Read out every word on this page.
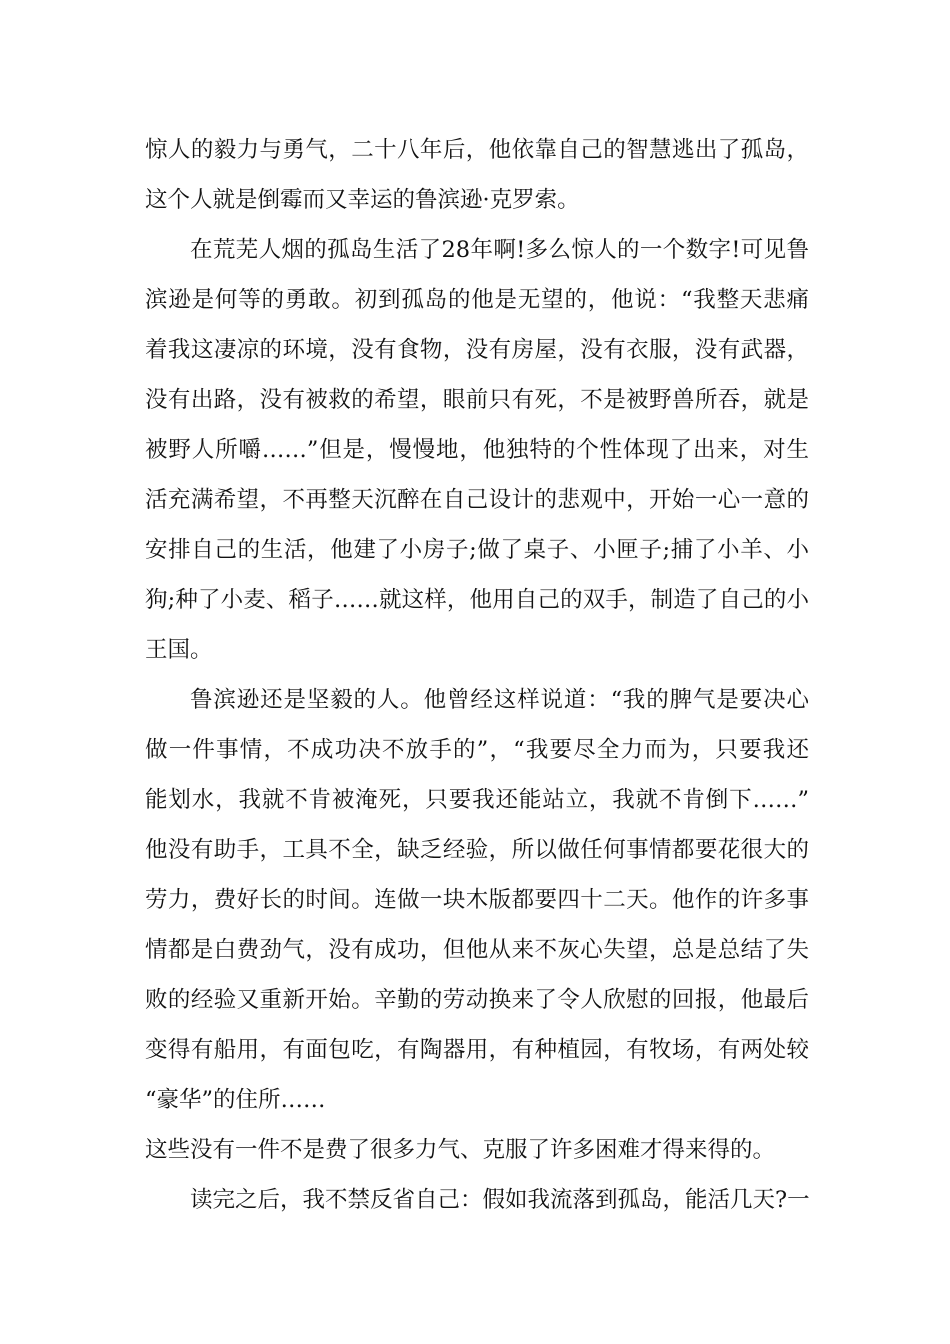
惊人的毅力与勇气，二十八年后，他依靠自己的智慧逃出了孤岛，
这个人就是倒霉而又幸运的鲁滨逊·克罗索。
在荒芜人烟的孤岛生活了28年啊!多么惊人的一个数字!可见鲁
滨逊是何等的勇敢。初到孤岛的他是无望的，他说：“我整天悲痛
着我这凄凉的环境，没有食物，没有房屋，没有衣服，没有武器，
没有出路，没有被救的希望，眼前只有死，不是被野兽所吞，就是
被野人所嚼……”但是，慢慢地，他独特的个性体现了出来，对生
活充满希望，不再整天沉醉在自己设计的悲观中，开始一心一意的
安排自己的生活，他建了小房子;做了桌子、小匣子;捕了小羊、小
狗;种了小麦、稻子……就这样，他用自己的双手，制造了自己的小
王国。
鲁滨逊还是坚毅的人。他曾经这样说道：“我的脾气是要决心
做一件事情，不成功决不放手的”，“我要尽全力而为，只要我还
能划水，我就不肯被淹死，只要我还能站立，我就不肯倒下……”
他没有助手，工具不全，缺乏经验，所以做任何事情都要花很大的
劳力，费好长的时间。连做一块木版都要四十二天。他作的许多事
情都是白费劲气，没有成功，但他从来不灰心失望，总是总结了失
败的经验又重新开始。辛勤的劳动换来了令人欣慰的回报，他最后
变得有船用，有面包吃，有陶器用，有种植园，有牧场，有两处较
“豪华”的住所……
这些没有一件不是费了很多力气、克服了许多困难才得来得的。
读完之后，我不禁反省自己：假如我流落到孤岛，能活几天?一
